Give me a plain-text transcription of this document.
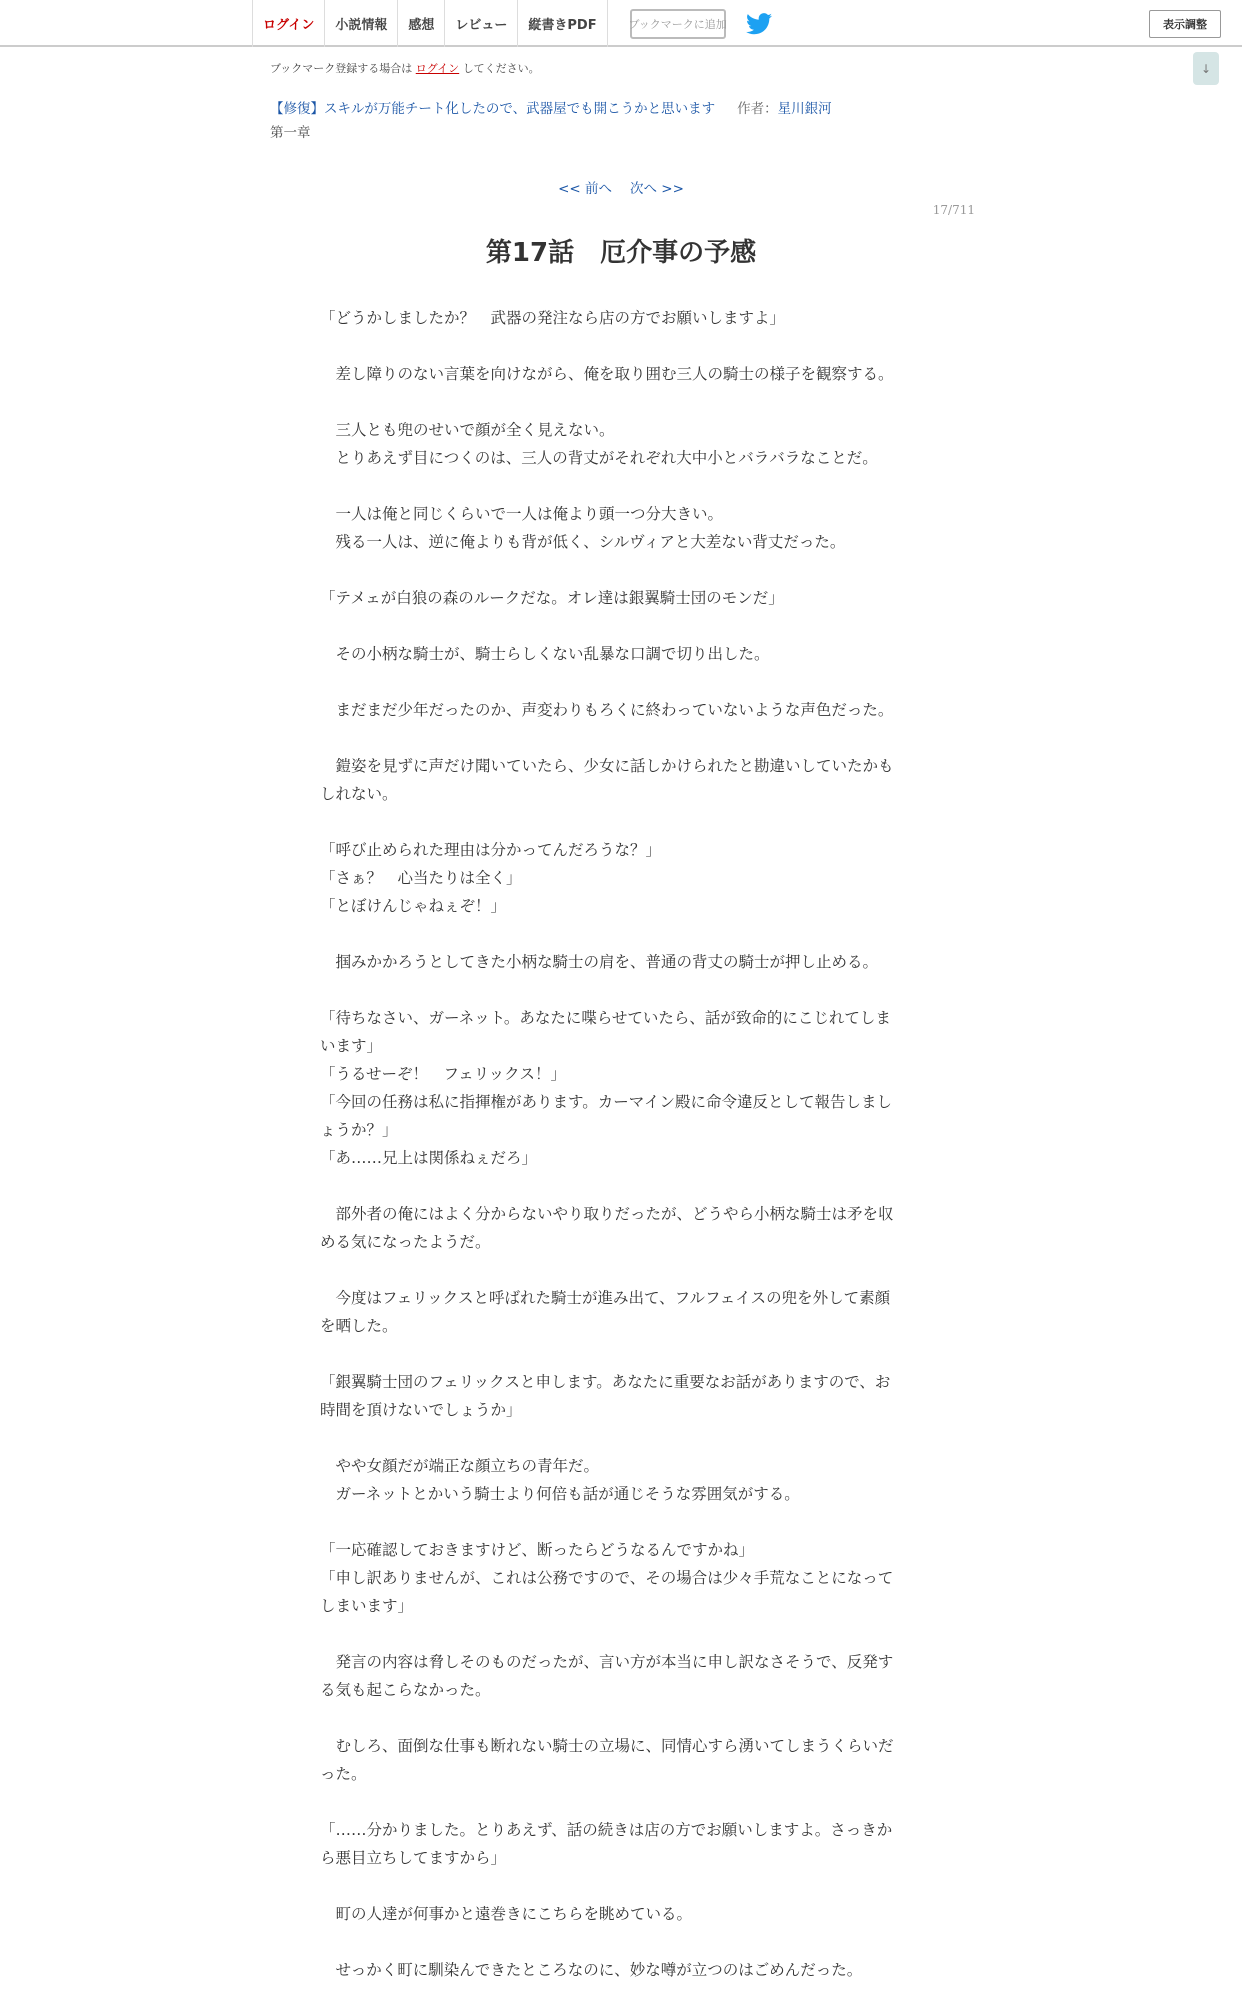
ログイン	小説情報	感想	レビュー	縦書きPDF	ブックマークに追加	表示調整
↓
ブックマーク登録する場合は ログイン してください。
【修復】スキルが万能チート化したので、武器屋でも開こうかと思います 作者：星川銀河
第一章
<< 前へ 次へ >>
17/711
第17話　厄介事の予感
「どうかしましたか？　武器の発注なら店の方でお願いしますよ」
　差し障りのない言葉を向けながら、俺を取り囲む三人の騎士の様子を観察する。
　三人とも兜のせいで顔が全く見えない。
　とりあえず目につくのは、三人の背丈がそれぞれ大中小とバラバラなことだ。
　一人は俺と同じくらいで一人は俺より頭一つ分大きい。
　残る一人は、逆に俺よりも背が低く、シルヴィアと大差ない背丈だった。
「テメェが白狼の森のルークだな。オレ達は銀翼騎士団のモンだ」
　その小柄な騎士が、騎士らしくない乱暴な口調で切り出した。
　まだまだ少年だったのか、声変わりもろくに終わっていないような声色だった。
　鎧姿を見ずに声だけ聞いていたら、少女に話しかけられたと勘違いしていたかも
しれない。
「呼び止められた理由は分かってんだろうな？」
「さぁ？　心当たりは全く」
「とぼけんじゃねぇぞ！」
　掴みかかろうとしてきた小柄な騎士の肩を、普通の背丈の騎士が押し止める。
「待ちなさい、ガーネット。あなたに喋らせていたら、話が致命的にこじれてしま
います」
「うるせーぞ！　フェリックス！」
「今回の任務は私に指揮権があります。カーマイン殿に命令違反として報告しまし
ょうか？」
「あ……兄上は関係ねぇだろ」
　部外者の俺にはよく分からないやり取りだったが、どうやら小柄な騎士は矛を収
める気になったようだ。
　今度はフェリックスと呼ばれた騎士が進み出て、フルフェイスの兜を外して素顔
を晒した。
「銀翼騎士団のフェリックスと申します。あなたに重要なお話がありますので、お
時間を頂けないでしょうか」
　やや女顔だが端正な顔立ちの青年だ。
　ガーネットとかいう騎士より何倍も話が通じそうな雰囲気がする。
「一応確認しておきますけど、断ったらどうなるんですかね」
「申し訳ありませんが、これは公務ですので、その場合は少々手荒なことになって
しまいます」
　発言の内容は脅しそのものだったが、言い方が本当に申し訳なさそうで、反発す
る気も起こらなかった。
　むしろ、面倒な仕事も断れない騎士の立場に、同情心すら湧いてしまうくらいだ
った。
「……分かりました。とりあえず、話の続きは店の方でお願いしますよ。さっきか
ら悪目立ちしてますから」
　町の人達が何事かと遠巻きにこちらを眺めている。
　せっかく町に馴染んできたところなのに、妙な噂が立つのはごめんだった。
